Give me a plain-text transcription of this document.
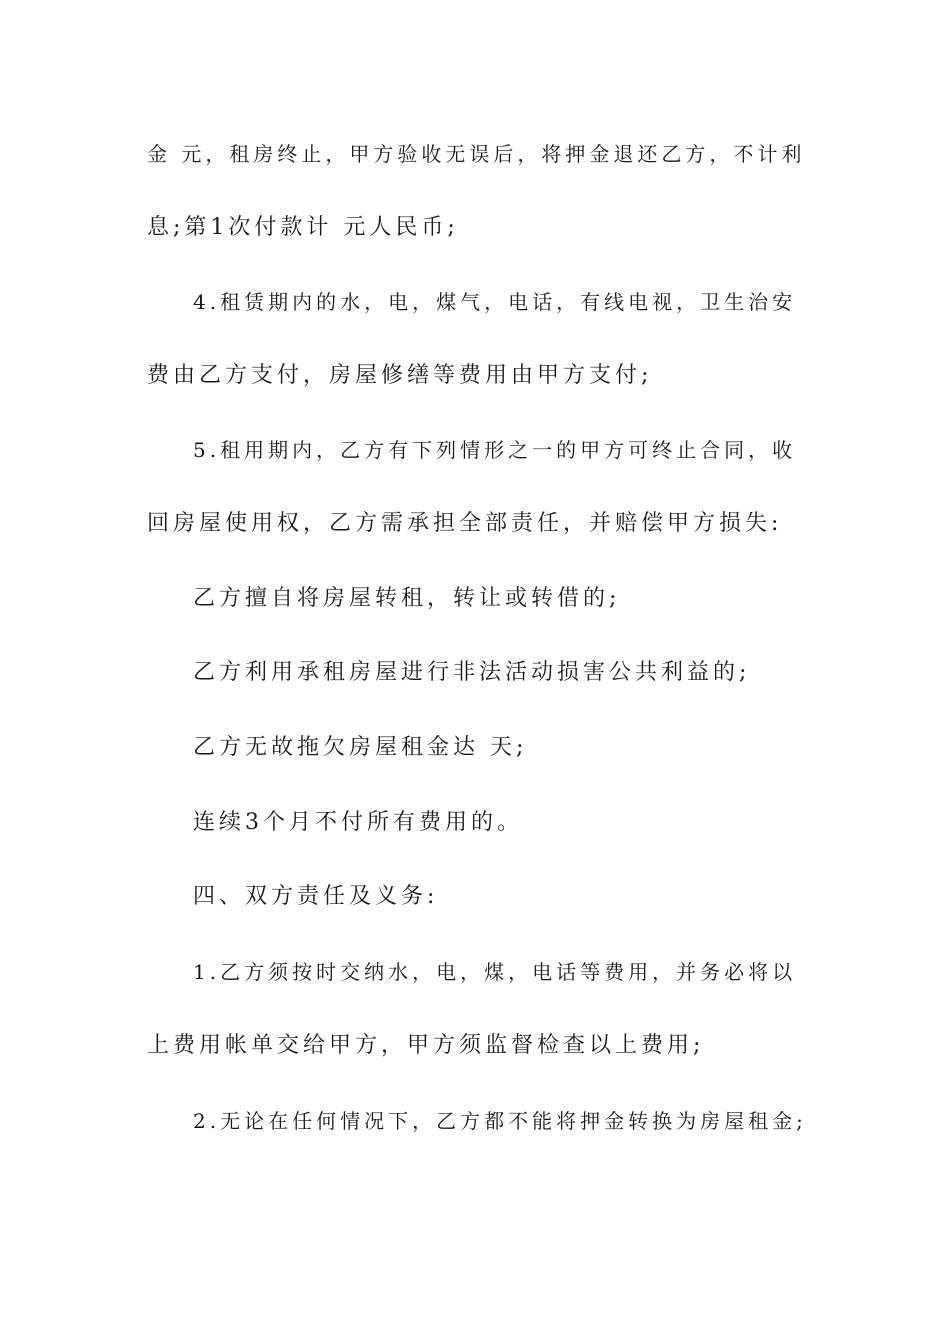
金 元，租房终止，甲方验收无误后，将押金退还乙方，不计利
息;第1次付款计 元人民币;
4.租赁期内的水，电，煤气，电话，有线电视，卫生治安
费由乙方支付，房屋修缮等费用由甲方支付;
5.租用期内，乙方有下列情形之一的甲方可终止合同，收
回房屋使用权，乙方需承担全部责任，并赔偿甲方损失:
乙方擅自将房屋转租，转让或转借的;
乙方利用承租房屋进行非法活动损害公共利益的;
乙方无故拖欠房屋租金达 天;
连续3个月不付所有费用的。
四、双方责任及义务:
1.乙方须按时交纳水，电，煤，电话等费用，并务必将以
上费用帐单交给甲方，甲方须监督检查以上费用;
2.无论在任何情况下，乙方都不能将押金转换为房屋租金;
